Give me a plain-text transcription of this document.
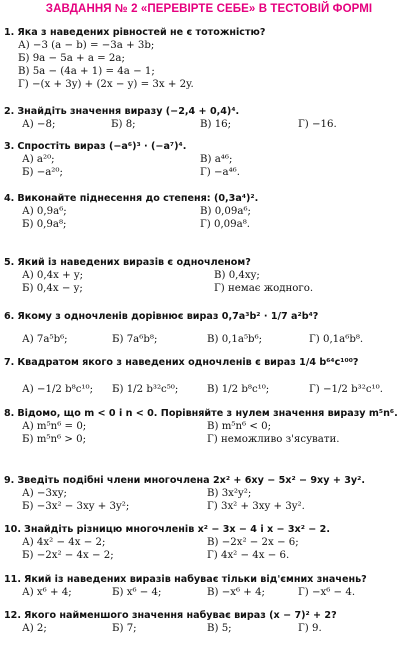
ЗАВДАННЯ № 2 «ПЕРЕВІРТЕ СЕБЕ» В ТЕСТОВІЙ ФОРМІ
1. Яка з наведених рівностей не є тотожністю?
А) −3 (a − b) = −3a + 3b;
Б) 9a − 5a + a = 2a;
В) 5a − (4a + 1) = 4a − 1;
Г) −(x + 3y) + (2x − y) = 3x + 2y.
2. Знайдіть значення виразу (−2,4 + 0,4)⁴.
А) −8;	Б) 8;	В) 16;	Г) −16.
3. Спростіть вираз (−a⁶)³ · (−a⁷)⁴.
А) a²⁰;	В) a⁴⁶;
Б) −a²⁰;	Г) −a⁴⁶.
4. Виконайте піднесення до степеня: (0,3a⁴)².
А) 0,9a⁶;	В) 0,09a⁶;
Б) 0,9a⁸;	Г) 0,09a⁸.
5. Який із наведених виразів є одночленом?
А) 0,4x + y;	В) 0,4xy;
Б) 0,4x − y;	Г) немає жодного.
6. Якому з одночленів дорівнює вираз 0,7a³b² · 1/7 a²b⁴?
А) 7a⁵b⁶;	Б) 7a⁶b⁸;	В) 0,1a⁵b⁶;	Г) 0,1a⁶b⁸.
7. Квадратом якого з наведених одночленів є вираз 1/4 b⁶⁴c¹⁰⁰?
А) −1/2 b⁸c¹⁰; Б) 1/2 b³²c⁵⁰;	В) 1/2 b⁸c¹⁰;	Г) −1/2 b³²c¹⁰.
8. Відомо, що m < 0 і n < 0. Порівняйте з нулем значення виразу m⁵n⁶.
А) m⁵n⁶ = 0;	В) m⁵n⁶ < 0;
Б) m⁵n⁶ > 0;	Г) неможливо з'ясувати.
9. Зведіть подібні члени многочлена 2x² + 6xy − 5x² − 9xy + 3y².
А) −3xy;	В) 3x²y²;
Б) −3x² − 3xy + 3y²;	Г) 3x² + 3xy + 3y².
10. Знайдіть різницю многочленів x² − 3x − 4 і x − 3x² − 2.
А) 4x² − 4x − 2;	В) −2x² − 2x − 6;
Б) −2x² − 4x − 2;	Г) 4x² − 4x − 6.
11. Який із наведених виразів набуває тільки від'ємних значень?
А) x⁶ + 4;	Б) x⁶ − 4;	В) −x⁶ + 4;	Г) −x⁶ − 4.
12. Якого найменшого значення набуває вираз (x − 7)² + 2?
А) 2;	Б) 7;	В) 5;	Г) 9.
